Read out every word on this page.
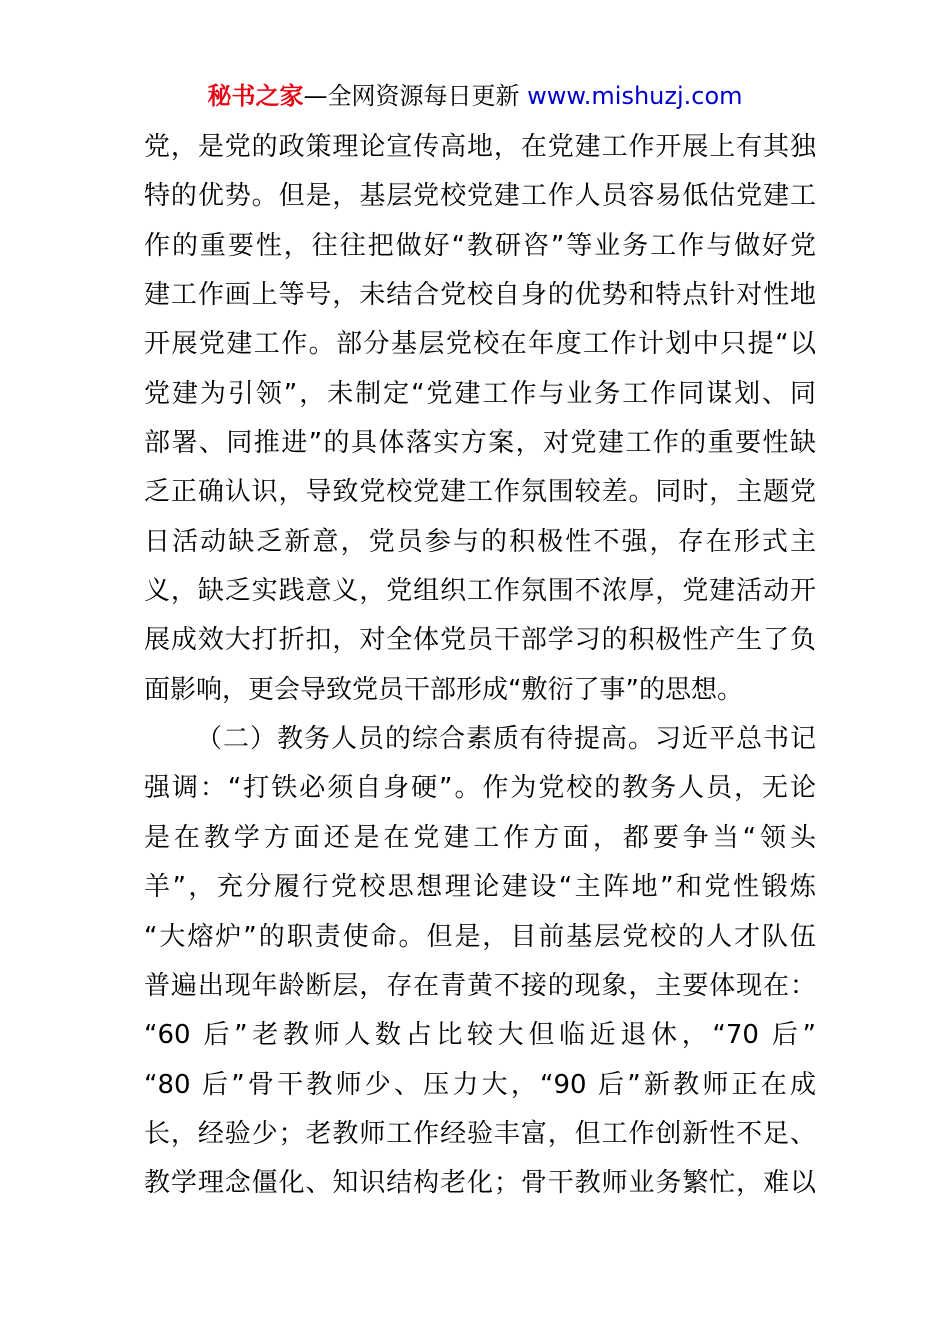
秘书之家—全网资源每日更新 www.mishuzj.com
党，是党的政策理论宣传高地，在党建工作开展上有其独
特的优势。但是，基层党校党建工作人员容易低估党建工
作的重要性，往往把做好“教研咨”等业务工作与做好党
建工作画上等号，未结合党校自身的优势和特点针对性地
开展党建工作。部分基层党校在年度工作计划中只提“以
党建为引领”，未制定“党建工作与业务工作同谋划、同
部署、同推进”的具体落实方案，对党建工作的重要性缺
乏正确认识，导致党校党建工作氛围较差。同时，主题党
日活动缺乏新意，党员参与的积极性不强，存在形式主
义，缺乏实践意义，党组织工作氛围不浓厚，党建活动开
展成效大打折扣，对全体党员干部学习的积极性产生了负
面影响，更会导致党员干部形成“敷衍了事”的思想。
（二）教务人员的综合素质有待提高。习近平总书记
强调：“打铁必须自身硬”。作为党校的教务人员，无论
是在教学方面还是在党建工作方面，都要争当“领头
羊”，充分履行党校思想理论建设“主阵地”和党性锻炼
“大熔炉”的职责使命。但是，目前基层党校的人才队伍
普遍出现年龄断层，存在青黄不接的现象，主要体现在：
“60 后”老教师人数占比较大但临近退休，“70 后”
“80 后”骨干教师少、压力大，“90 后”新教师正在成
长，经验少；老教师工作经验丰富，但工作创新性不足、
教学理念僵化、知识结构老化；骨干教师业务繁忙，难以
